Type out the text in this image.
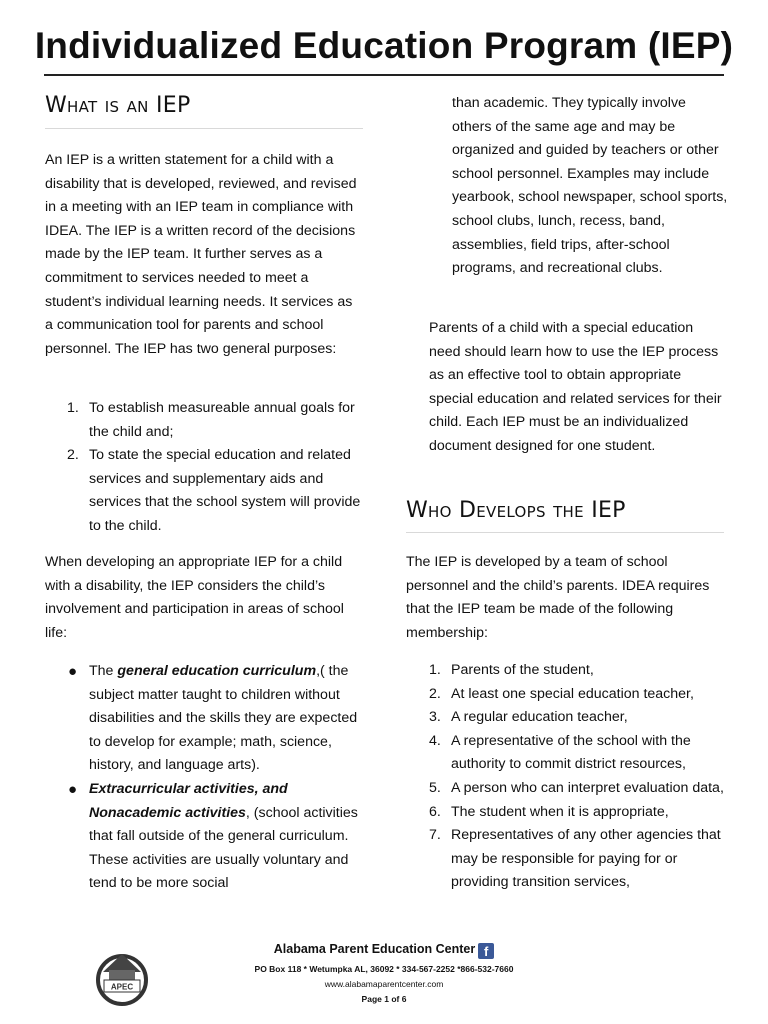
Individualized Education Program (IEP)
What is an IEP

An IEP is a written statement for a child with a disability that is developed, reviewed, and revised in a meeting with an IEP team in compliance with IDEA. The IEP is a written record of the decisions made by the IEP team. It further serves as a commitment to services needed to meet a student’s individual learning needs. It services as a communication tool for parents and school personnel. The IEP has two general purposes:

1. To establish measureable annual goals for the child and;
2. To state the special education and related services and supplementary aids and services that the school system will provide to the child.

When developing an appropriate IEP for a child with a disability, the IEP considers the child’s involvement and participation in areas of school life:

● The general education curriculum,( the subject matter taught to children without disabilities and the skills they are expected to develop for example; math, science, history, and language arts).
● Extracurricular activities, and Nonacademic activities, (school activities that fall outside of the general curriculum. These activities are usually voluntary and tend to be more social

than academic. They typically involve others of the same age and may be organized and guided by teachers or other school personnel. Examples may include yearbook, school newspaper, school sports, school clubs, lunch, recess, band, assemblies, field trips, after-school programs, and recreational clubs.

Parents of a child with a special education need should learn how to use the IEP process as an effective tool to obtain appropriate special education and related services for their child. Each IEP must be an individualized document designed for one student.

Who Develops the IEP

The IEP is developed by a team of school personnel and the child’s parents. IDEA requires that the IEP team be made of the following membership:

1. Parents of the student,
2. At least one special education teacher,
3. A regular education teacher,
4. A representative of the school with the authority to commit district resources,
5. A person who can interpret evaluation data,
6. The student when it is appropriate,
7. Representatives of any other agencies that may be responsible for paying for or providing transition services,
APEC
Alabama Parent Education Center f
PO Box 118 * Wetumpka AL, 36092 * 334-567-2252 *866-532-7660
www.alabamaparentcenter.com
Page 1 of 6
